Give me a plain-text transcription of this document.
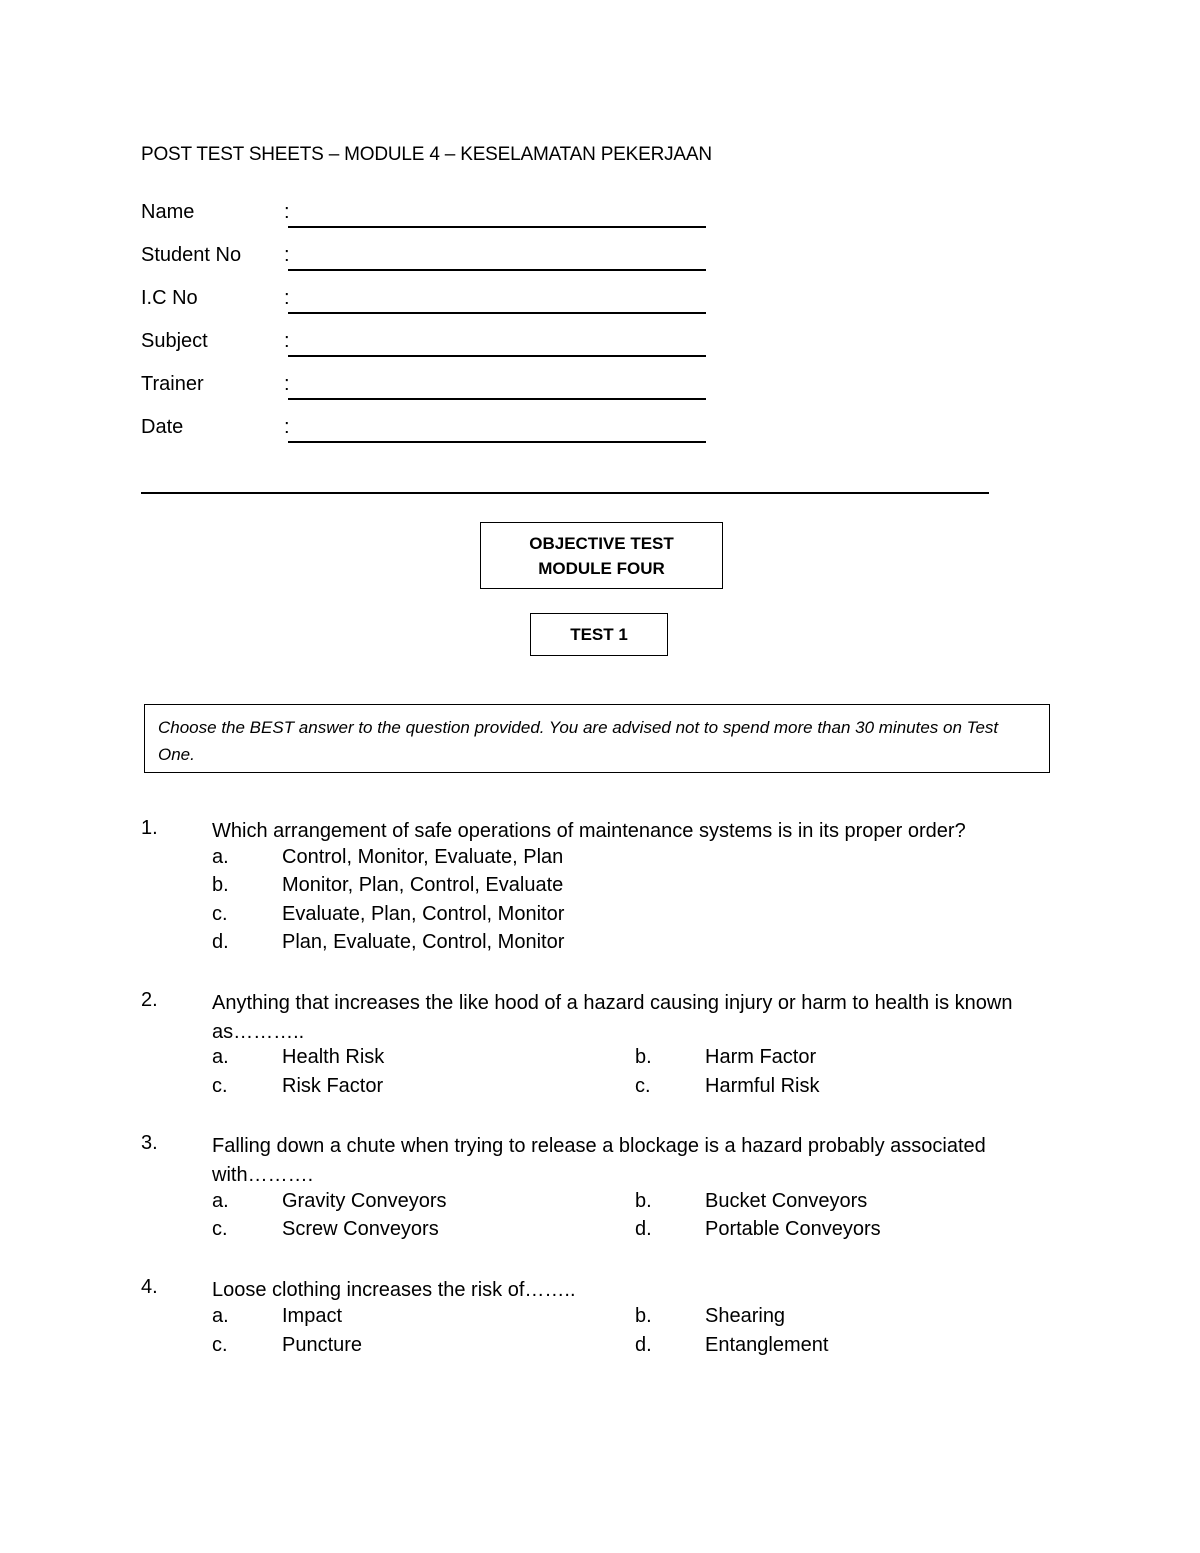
POST TEST SHEETS – MODULE 4 – KESELAMATAN PEKERJAAN
Name	:
Student No :
I.C No	:
Subject	:
Trainer	:
Date	:
OBJECTIVE TEST
MODULE FOUR
TEST 1
Choose the BEST answer to the question provided. You are advised not to spend more than 30 minutes on Test One.
1.	Which arrangement of safe operations of maintenance systems is in its proper order?
a.	Control, Monitor, Evaluate, Plan
b.	Monitor, Plan, Control, Evaluate
c.	Evaluate, Plan, Control, Monitor
d.	Plan, Evaluate, Control, Monitor
2.	Anything that increases the like hood of a hazard causing injury or harm to health is known as………..
a.	Health Risk	b.	Harm Factor
c.	Risk Factor	c.	Harmful Risk
3.	Falling down a chute when trying to release a blockage is a hazard probably associated with……….
a.	Gravity Conveyors	b.	Bucket Conveyors
c.	Screw Conveyors	d.	Portable Conveyors
4.	Loose clothing increases the risk of……..
a.	Impact	b.	Shearing
c.	Puncture	d.	Entanglement
